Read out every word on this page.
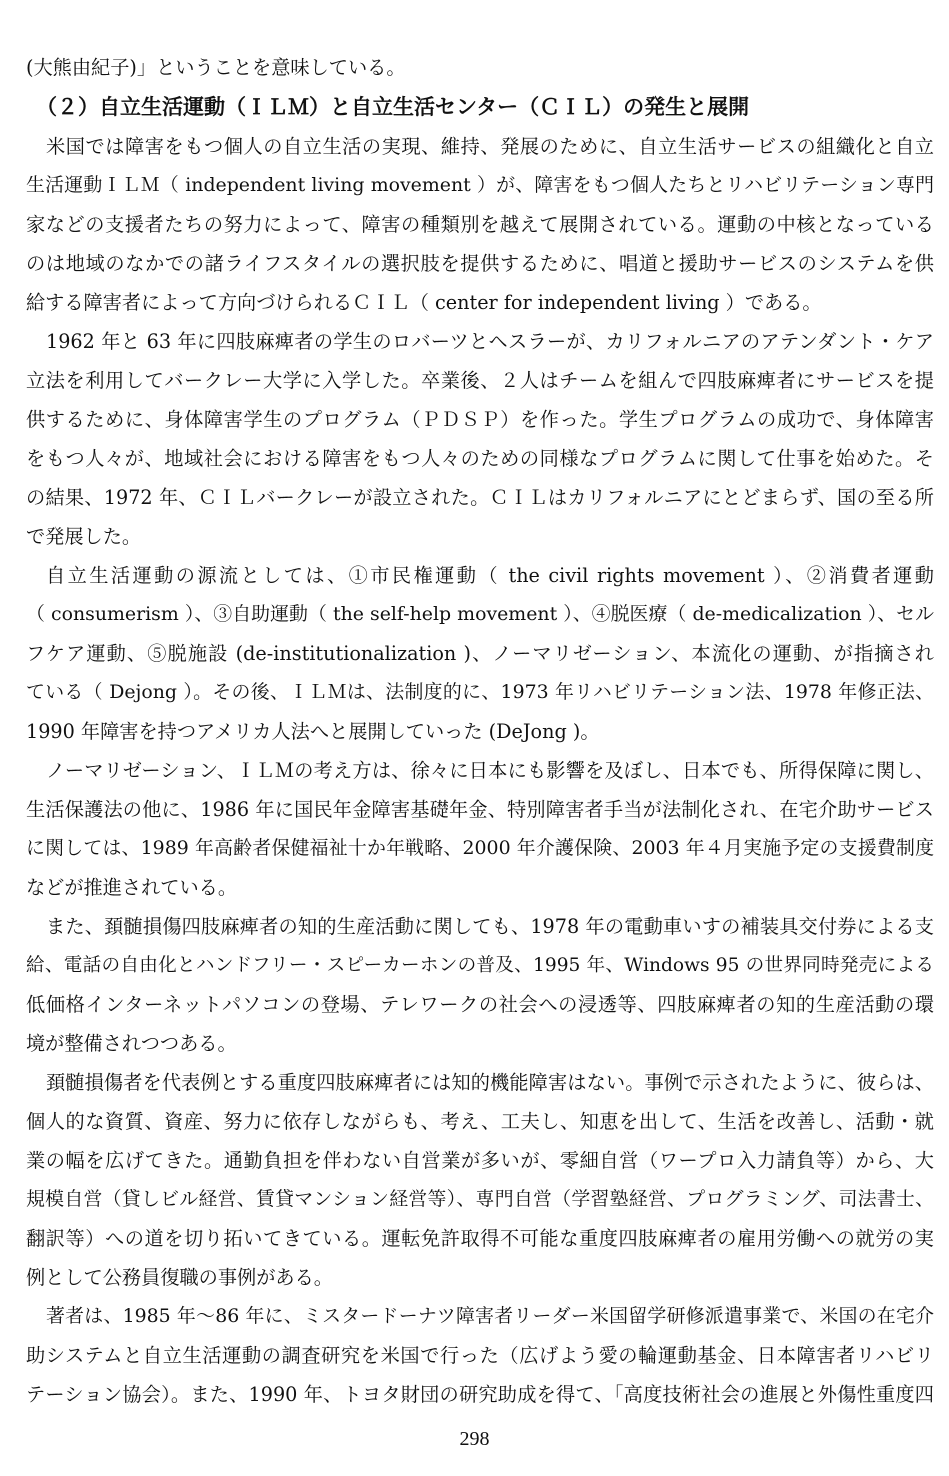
(大熊由紀子)」ということを意味している。
（２）自立生活運動（ＩＬＭ）と自立生活センター（ＣＩＬ）の発生と展開
米国では障害をもつ個人の自立生活の実現、維持、発展のために、自立生活サービスの組織化と自立
生活運動ＩＬＭ（ independent living movement ）が、障害をもつ個人たちとリハビリテーション専門
家などの支援者たちの努力によって、障害の種類別を越えて展開されている。運動の中核となっている
のは地域のなかでの諸ライフスタイルの選択肢を提供するために、唱道と援助サービスのシステムを供
給する障害者によって方向づけられるＣＩＬ（ center for independent living ）である。
1962 年と 63 年に四肢麻痺者の学生のロバーツとヘスラーが、カリフォルニアのアテンダント・ケア
立法を利用してバークレー大学に入学した。卒業後、２人はチームを組んで四肢麻痺者にサービスを提
供するために、身体障害学生のプログラム（ＰＤＳＰ）を作った。学生プログラムの成功で、身体障害
をもつ人々が、地域社会における障害をもつ人々のための同様なプログラムに関して仕事を始めた。そ
の結果、1972 年、ＣＩＬバークレーが設立された。ＣＩＬはカリフォルニアにとどまらず、国の至る所
で発展した。
自立生活運動の源流としては、①市民権運動（ the civil rights movement ）、②消費者運動
（ consumerism ）、③自助運動（ the self-help movement ）、④脱医療（ de-medicalization ）、セル
フケア運動、⑤脱施設 (de-institutionalization )、ノーマリゼーション、本流化の運動、が指摘され
ている（ Dejong ）。その後、ＩＬＭは、法制度的に、1973 年リハビリテーション法、1978 年修正法、
1990 年障害を持つアメリカ人法へと展開していった (DeJong )。
ノーマリゼーション、ＩＬＭの考え方は、徐々に日本にも影響を及ぼし、日本でも、所得保障に関し、
生活保護法の他に、1986 年に国民年金障害基礎年金、特別障害者手当が法制化され、在宅介助サービス
に関しては、1989 年高齢者保健福祉十か年戦略、2000 年介護保険、2003 年４月実施予定の支援費制度
などが推進されている。
また、頚髄損傷四肢麻痺者の知的生産活動に関しても、1978 年の電動車いすの補装具交付券による支
給、電話の自由化とハンドフリー・スピーカーホンの普及、1995 年、Windows 95 の世界同時発売による
低価格インターネットパソコンの登場、テレワークの社会への浸透等、四肢麻痺者の知的生産活動の環
境が整備されつつある。
頚髄損傷者を代表例とする重度四肢麻痺者には知的機能障害はない。事例で示されたように、彼らは、
個人的な資質、資産、努力に依存しながらも、考え、工夫し、知恵を出して、生活を改善し、活動・就
業の幅を広げてきた。通勤負担を伴わない自営業が多いが、零細自営（ワープロ入力請負等）から、大
規模自営（貸しビル経営、賃貸マンション経営等）、専門自営（学習塾経営、プログラミング、司法書士、
翻訳等）への道を切り拓いてきている。運転免許取得不可能な重度四肢麻痺者の雇用労働への就労の実
例として公務員復職の事例がある。
著者は、1985 年～86 年に、ミスタードーナツ障害者リーダー米国留学研修派遣事業で、米国の在宅介
助システムと自立生活運動の調査研究を米国で行った（広げよう愛の輪運動基金、日本障害者リハビリ
テーション協会）。また、1990 年、トヨタ財団の研究助成を得て、「高度技術社会の進展と外傷性重度四
298
